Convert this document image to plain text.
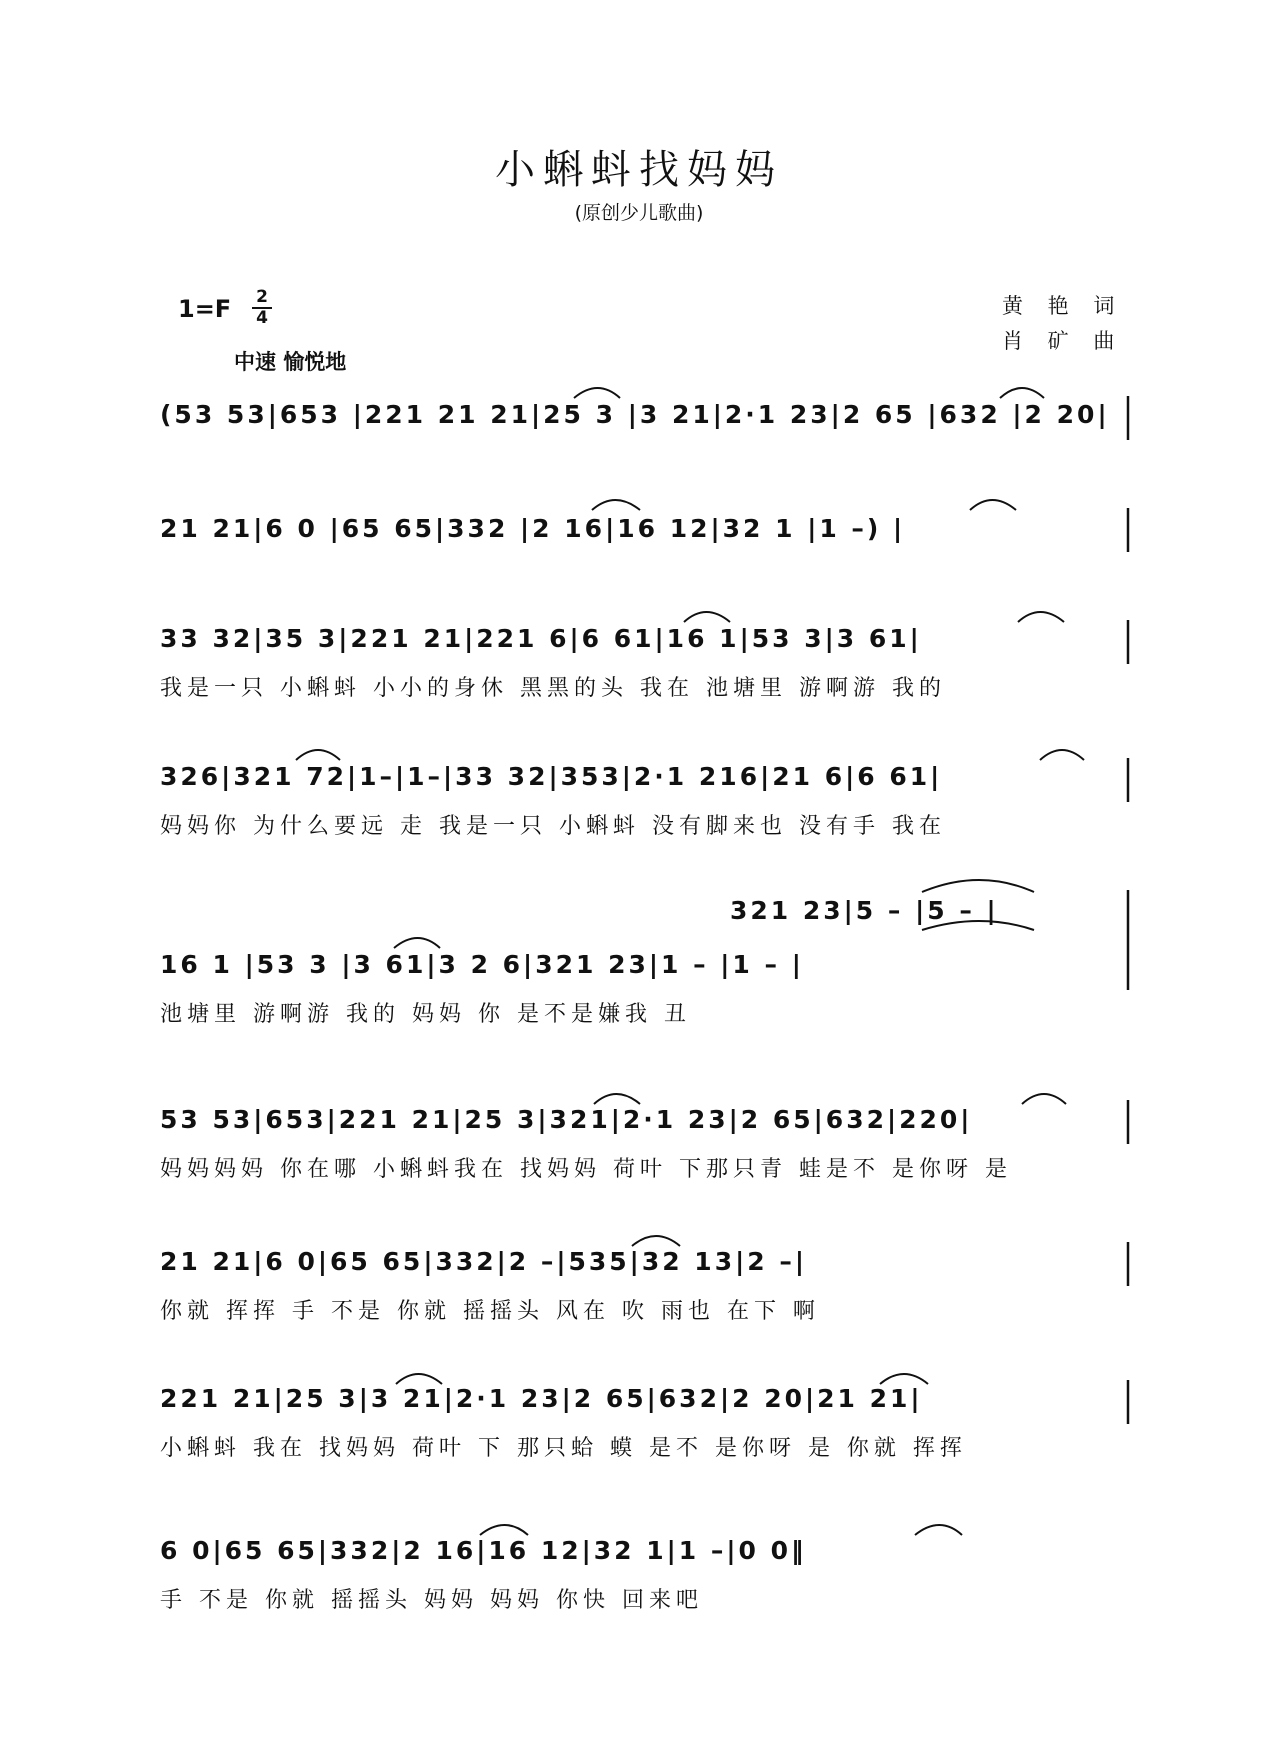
小蝌蚪找妈妈
(原创少儿歌曲)
1=F 2
4
中速 愉悦地
黄 艳 词
肖 矿 曲
(53 53|653 |221 21 21|25 3 |3 21|2·1 23|2 65 |632 |2 20|
21 21|6 0 |65 65|332 |2 16|16 12|32 1 |1 –) |
33 32|35 3|221 21|221 6|6 61|16 1|53 3|3 61|
我是一只 小蝌蚪 小小的身休 黑黑的头 我在 池塘里 游啊游 我的
326|321 72|1–|1–|33 32|353|2·1 216|21 6|6 61|
妈妈你 为什么要远 走 我是一只 小蝌蚪 没有脚来也 没有手 我在
321 23|5 – |5 – |
16 1 |53 3 |3 61|3 2 6|321 23|1 – |1 – |
池塘里 游啊游 我的 妈妈 你 是不是嫌我 丑
53 53|653|221 21|25 3|321|2·1 23|2 65|632|220|
妈妈妈妈 你在哪 小蝌蚪我在 找妈妈 荷叶 下那只青 蛙是不 是你呀 是
21 21|6 0|65 65|332|2 –|535|32 13|2 –|
你就 挥挥 手 不是 你就 摇摇头 风在 吹 雨也 在下 啊
221 21|25 3|3 21|2·1 23|2 65|632|2 20|21 21|
小蝌蚪 我在 找妈妈 荷叶 下 那只蛤 蟆 是不 是你呀 是 你就 挥挥
6 0|65 65|332|2 16|16 12|32 1|1 –|0 0‖
手 不是 你就 摇摇头 妈妈 妈妈 你快 回来吧
